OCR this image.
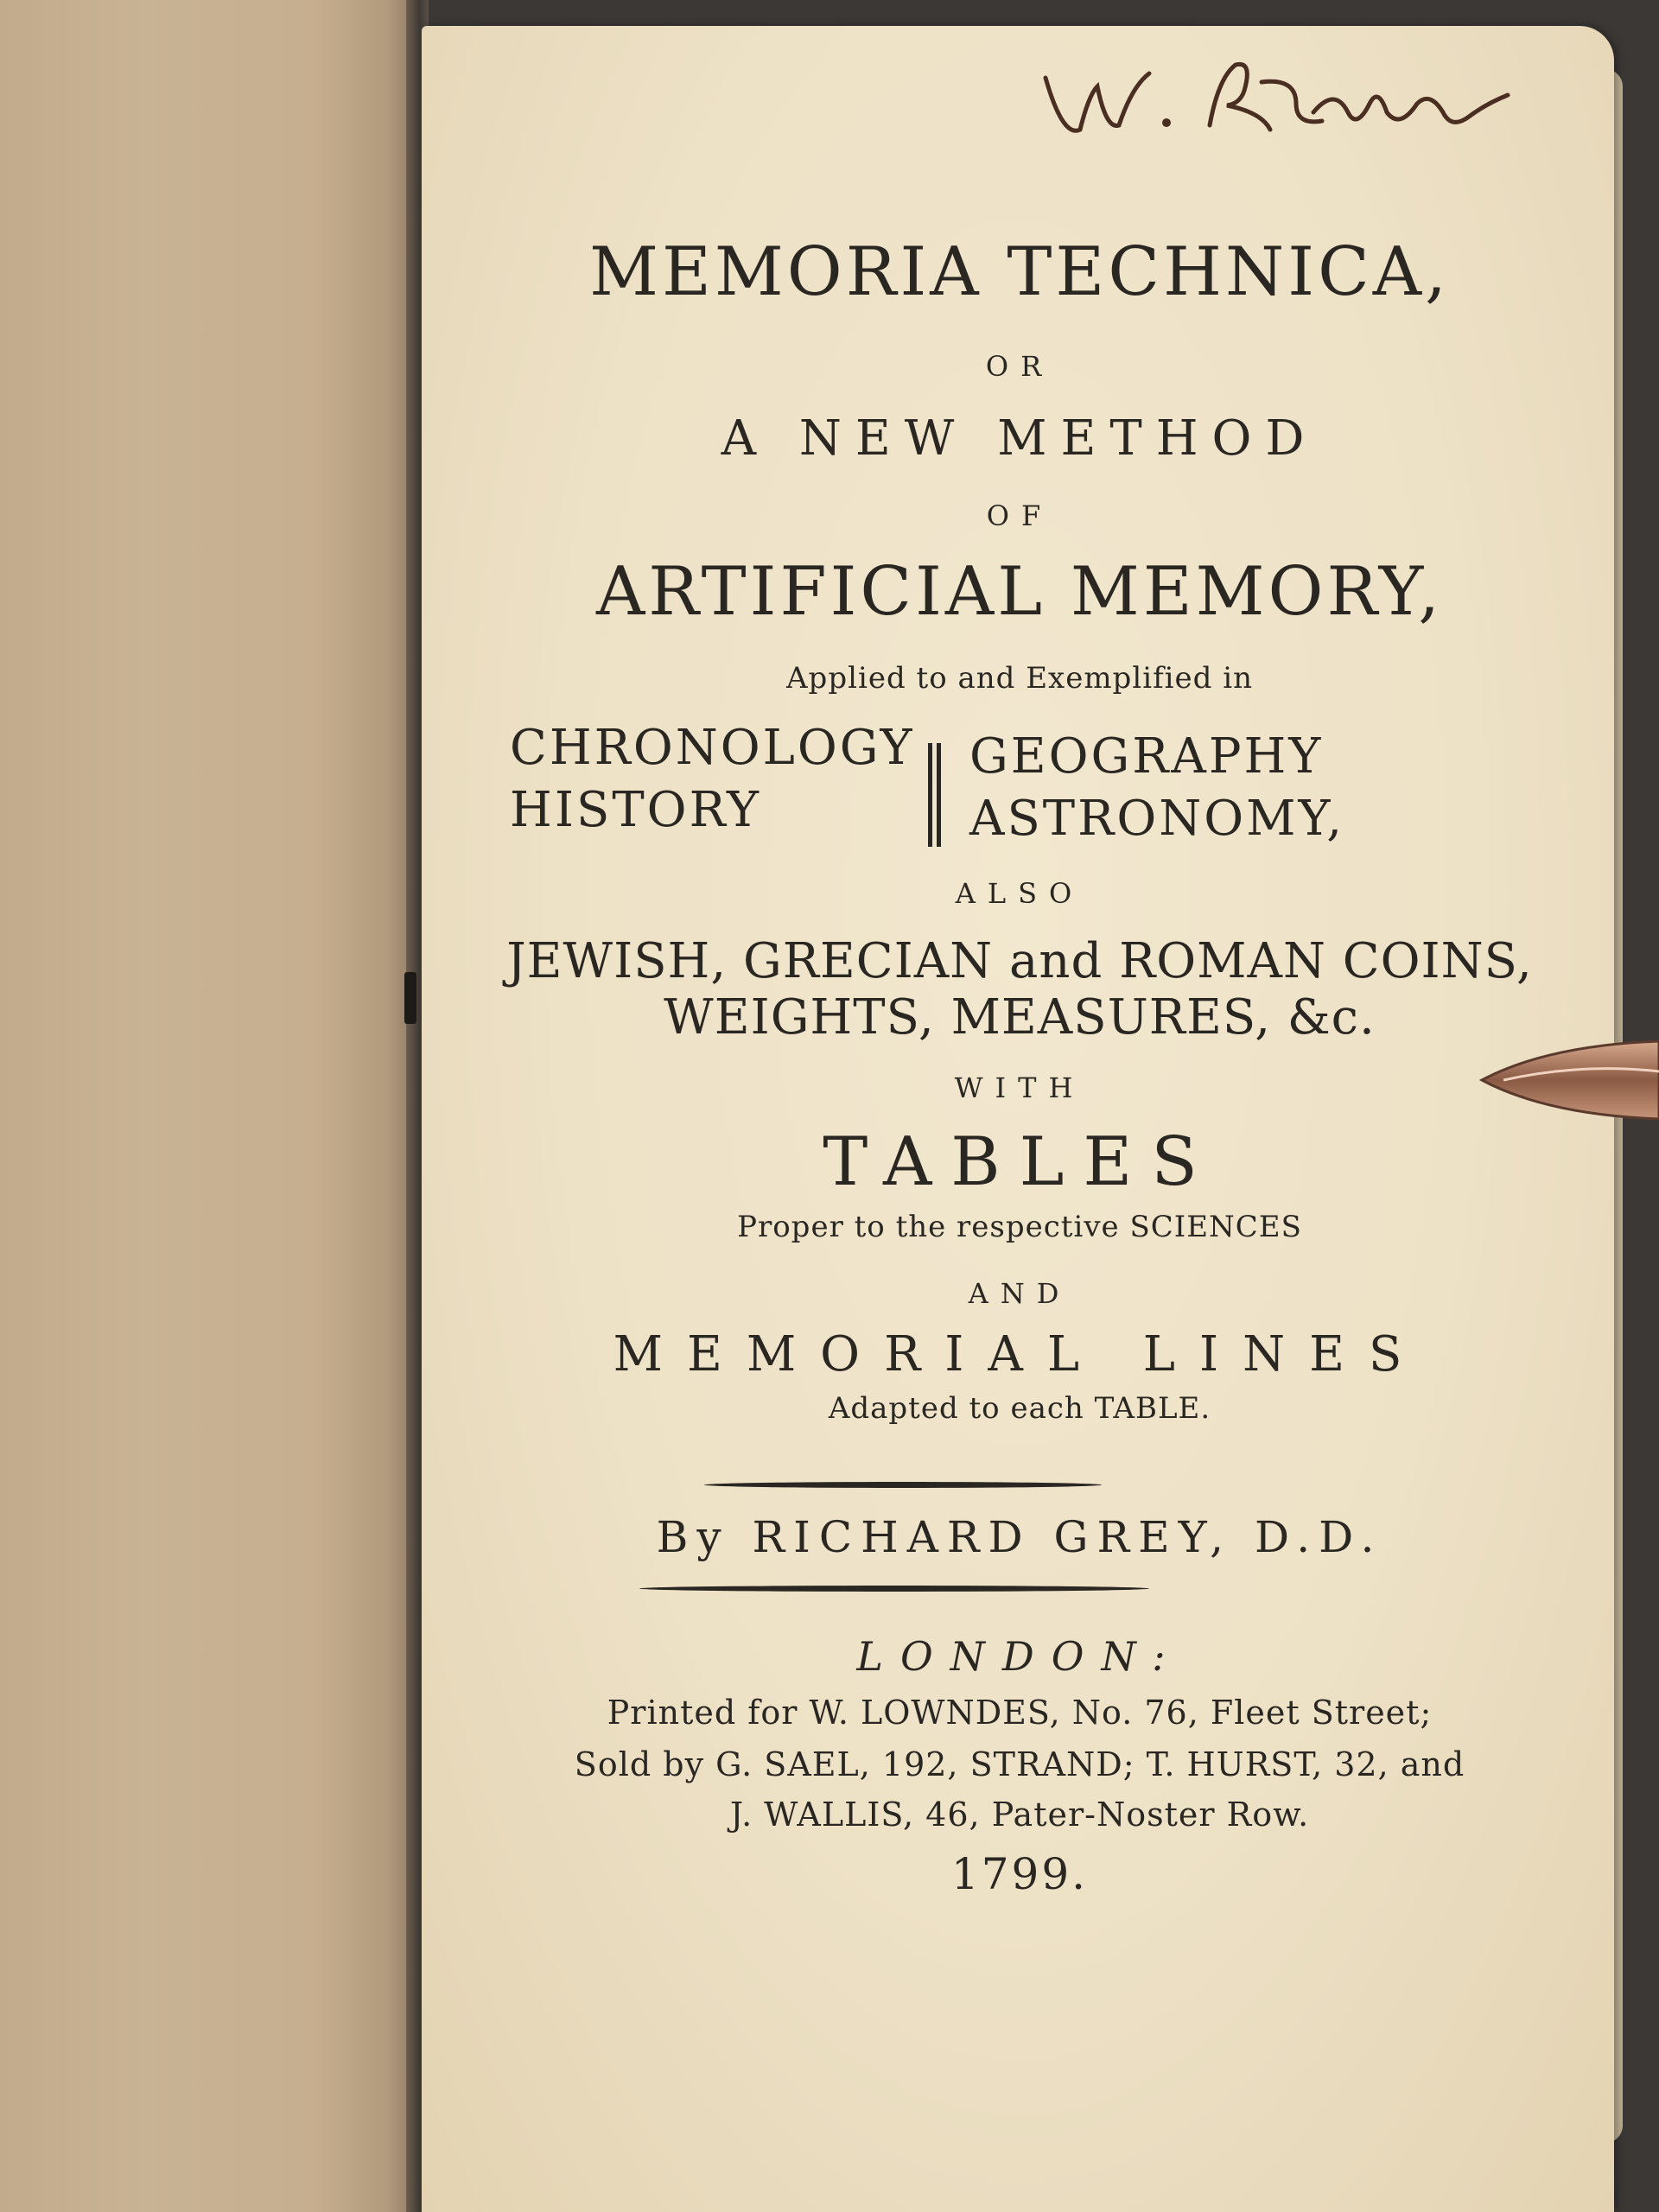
MEMORIA TECHNICA,

OR

A NEW METHOD

OF

ARTIFICIAL MEMORY,

Applied to and Exemplified in

CHRONOLOGY
HISTORY
GEOGRAPHY
ASTRONOMY,

ALSO

JEWISH, GRECIAN and ROMAN COINS,

WEIGHTS, MEASURES, &c.

WITH

TABLES

Proper to the respective SCIENCES

AND

MEMORIAL LINES

Adapted to each TABLE.

By RICHARD GREY, D.D.

LONDON:

Printed for W. LOWNDES, No. 76, Fleet Street;

Sold by G. SAEL, 192, STRAND; T. HURST, 32, and

J. WALLIS, 46, Pater-Noster Row.

1799.
